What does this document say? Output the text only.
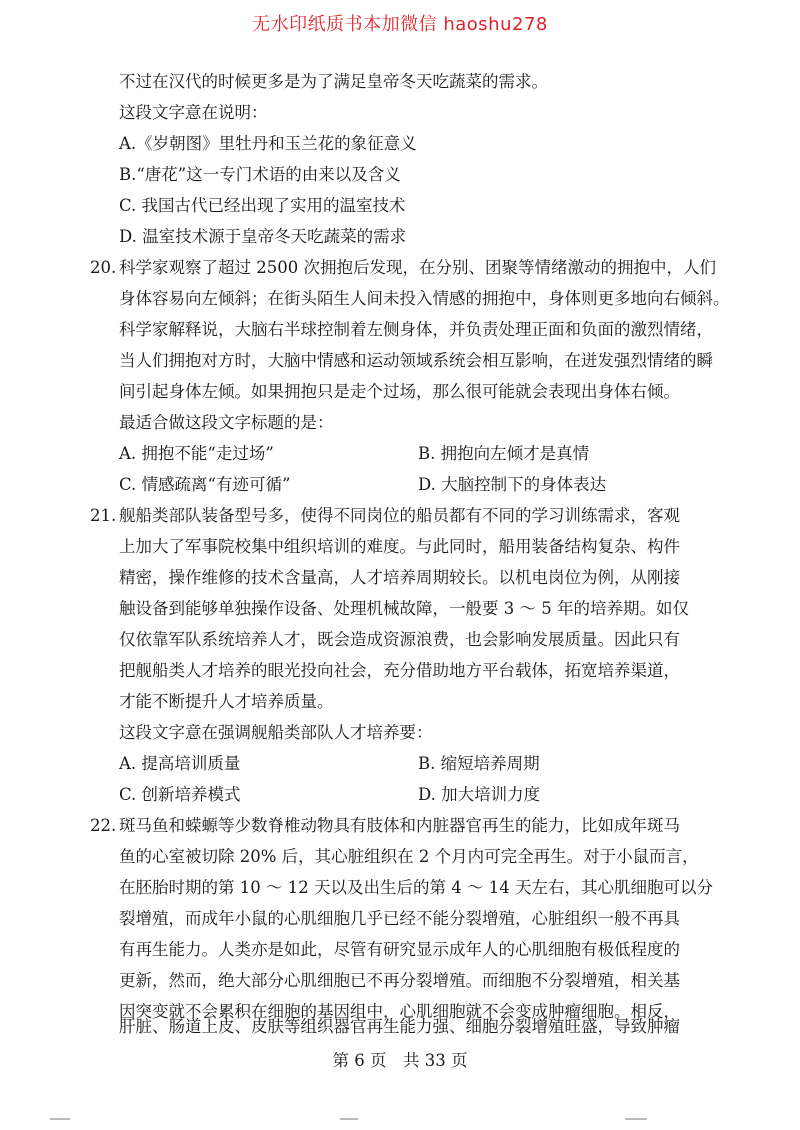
无水印纸质书本加微信 haoshu278
不过在汉代的时候更多是为了满足皇帝冬天吃蔬菜的需求。
这段文字意在说明：
A.《岁朝图》里牡丹和玉兰花的象征意义
B.“唐花”这一专门术语的由来以及含义
C. 我国古代已经出现了实用的温室技术
D. 温室技术源于皇帝冬天吃蔬菜的需求
20. 科学家观察了超过 2500 次拥抱后发现，在分别、团聚等情绪激动的拥抱中，人们
身体容易向左倾斜；在街头陌生人间未投入情感的拥抱中，身体则更多地向右倾斜。
科学家解释说，大脑右半球控制着左侧身体，并负责处理正面和负面的激烈情绪，
当人们拥抱对方时，大脑中情感和运动领域系统会相互影响，在迸发强烈情绪的瞬
间引起身体左倾。如果拥抱只是走个过场，那么很可能就会表现出身体右倾。
最适合做这段文字标题的是：
A. 拥抱不能“走过场”	B. 拥抱向左倾才是真情
C. 情感疏离“有迹可循”	D. 大脑控制下的身体表达
21. 舰船类部队装备型号多，使得不同岗位的船员都有不同的学习训练需求，客观
上加大了军事院校集中组织培训的难度。与此同时，船用装备结构复杂、构件
精密，操作维修的技术含量高，人才培养周期较长。以机电岗位为例，从刚接
触设备到能够单独操作设备、处理机械故障，一般要 3 ～ 5 年的培养期。如仅
仅依靠军队系统培养人才，既会造成资源浪费，也会影响发展质量。因此只有
把舰船类人才培养的眼光投向社会，充分借助地方平台载体，拓宽培养渠道，
才能不断提升人才培养质量。
这段文字意在强调舰船类部队人才培养要：
A. 提高培训质量	B. 缩短培养周期
C. 创新培养模式	D. 加大培训力度
22. 斑马鱼和蝾螈等少数脊椎动物具有肢体和内脏器官再生的能力，比如成年斑马
鱼的心室被切除 20% 后，其心脏组织在 2 个月内可完全再生。对于小鼠而言，
在胚胎时期的第 10 ～ 12 天以及出生后的第 4 ～ 14 天左右，其心肌细胞可以分
裂增殖，而成年小鼠的心肌细胞几乎已经不能分裂增殖，心脏组织一般不再具
有再生能力。人类亦是如此，尽管有研究显示成年人的心肌细胞有极低程度的
更新，然而，绝大部分心肌细胞已不再分裂增殖。而细胞不分裂增殖，相关基
因突变就不会累积在细胞的基因组中，心肌细胞就不会变成肿瘤细胞。相反，
第 6 页　共 33 页
肝脏、肠道上皮、皮肤等组织器官再生能力强、细胞分裂增殖旺盛，导致肿瘤
